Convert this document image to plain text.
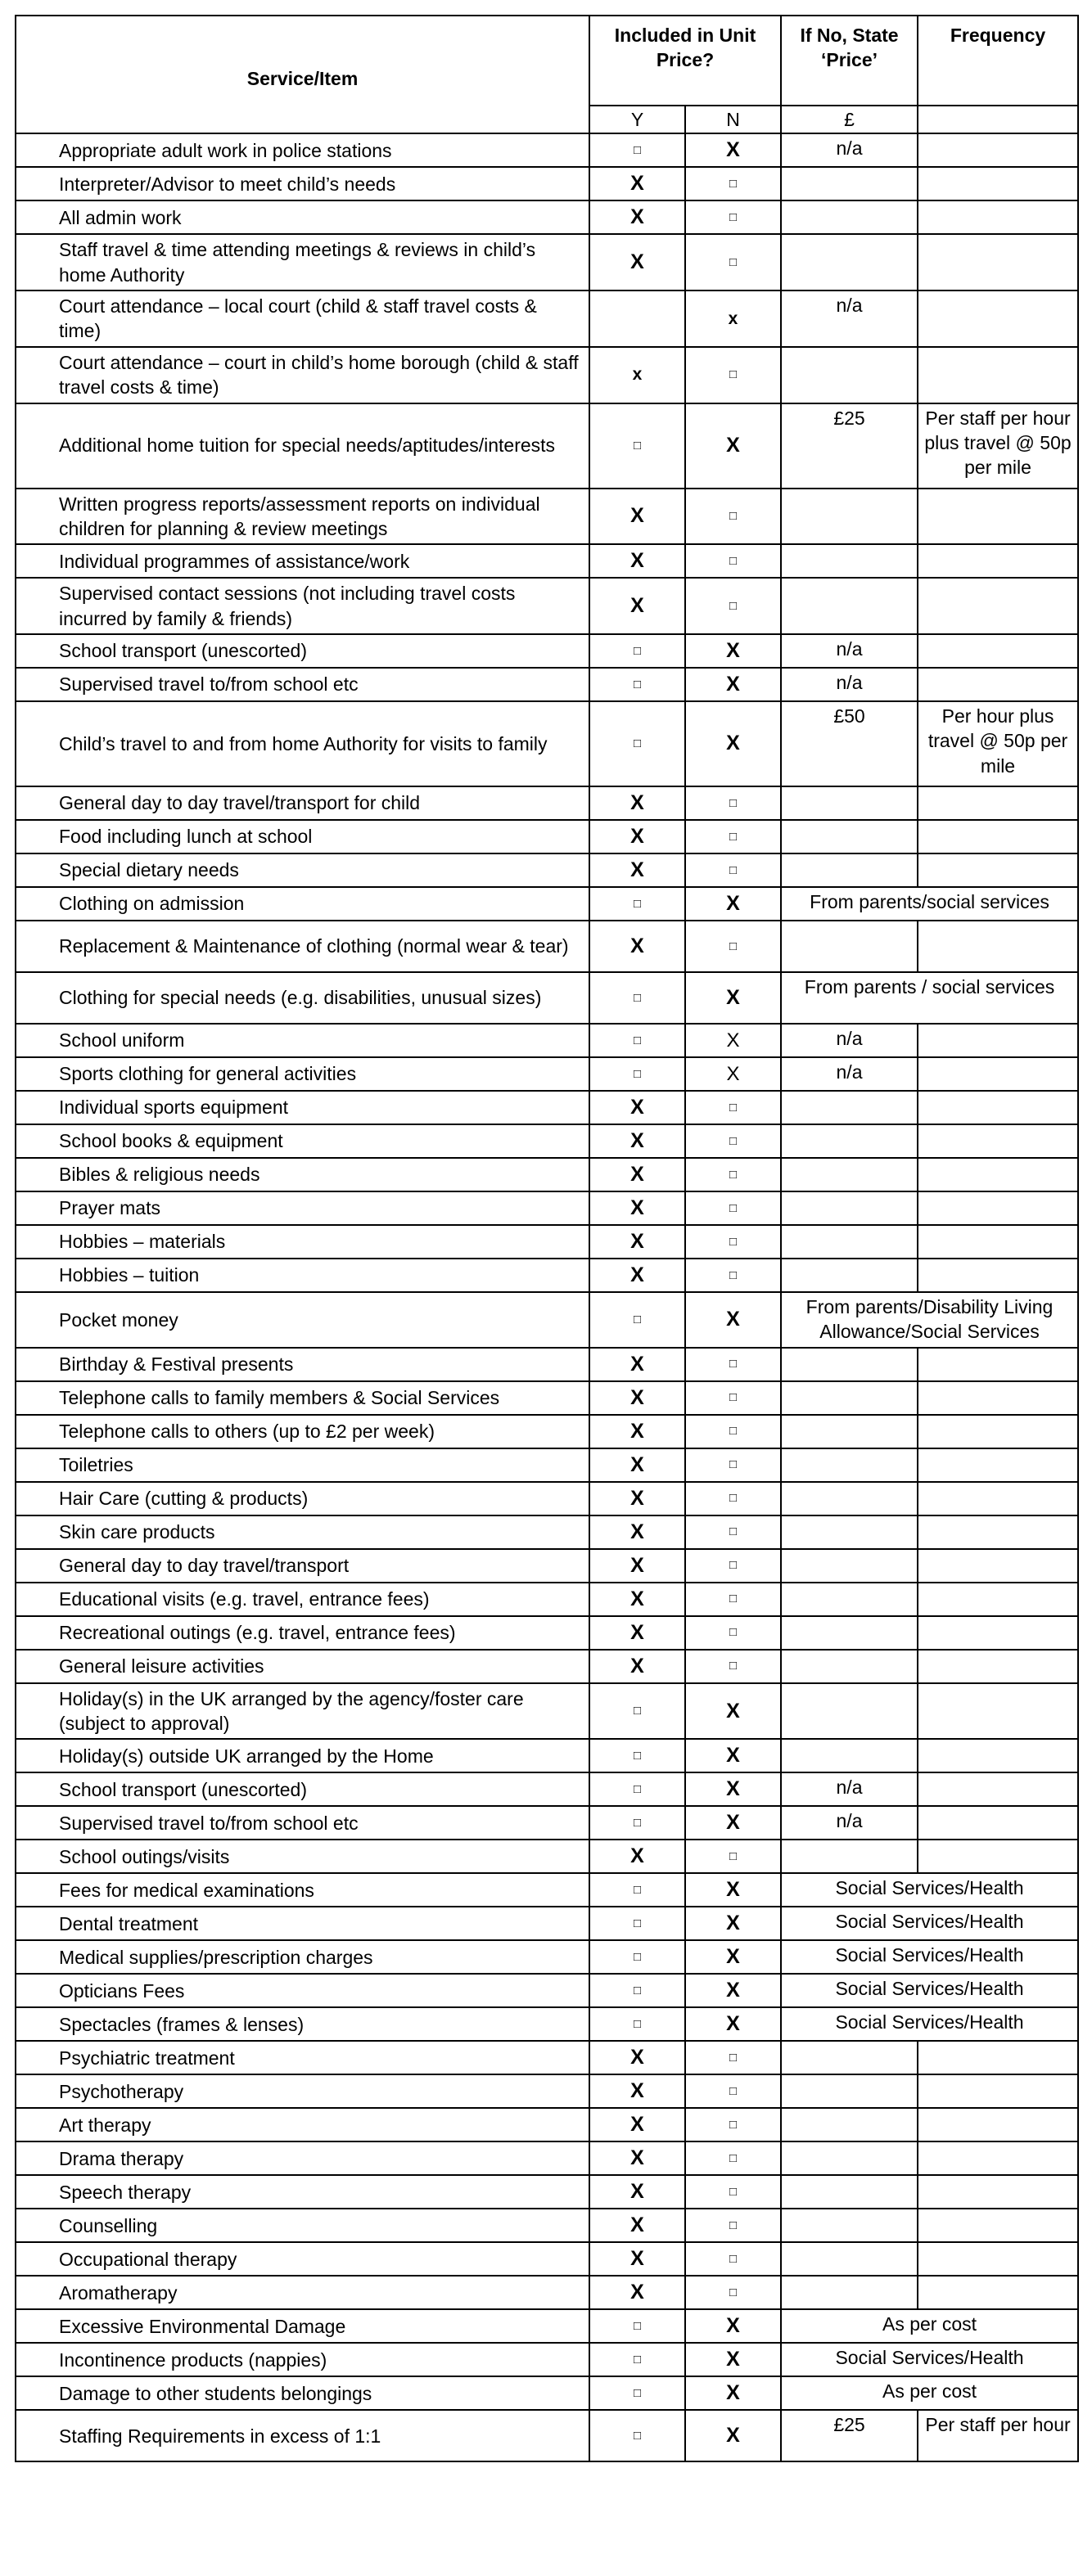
Service/Item	Included in Unit Price?		If No, State ‘Price’	Frequency
	Y	N	£	
Appropriate adult work in police stations	□	X	n/a	
Interpreter/Advisor to meet child’s needs	X	□		
All admin work	X	□		
Staff travel & time attending meetings & reviews in child’s home Authority	X	□		
Court attendance – local court (child & staff travel costs & time)		x	n/a	
Court attendance – court in child’s home borough (child & staff travel costs & time)	x	□		
Additional home tuition for special needs/aptitudes/interests	□	X	£25	Per staff per hour plus travel @ 50p per mile
Written progress reports/assessment reports on individual children for planning & review meetings	X	□		
Individual programmes of assistance/work	X	□		
Supervised contact sessions (not including travel costs incurred by family & friends)	X	□		
School transport (unescorted)	□	X	n/a	
Supervised travel to/from school etc	□	X	n/a	
Child’s travel to and from home Authority for visits to family	□	X	£50	Per hour plus travel @ 50p per mile
General day to day travel/transport for child	X	□		
Food including lunch at school	X	□		
Special dietary needs	X	□		
Clothing on admission	□	X	From parents/social services	
Replacement & Maintenance of clothing (normal wear & tear)	X	□		
Clothing for special needs (e.g. disabilities, unusual sizes)	□	X	From parents / social services	
School uniform	□	X	n/a	
Sports clothing for general activities	□	X	n/a	
Individual sports equipment	X	□		
School books & equipment	X	□		
Bibles & religious needs	X	□		
Prayer mats	X	□		
Hobbies – materials	X	□		
Hobbies – tuition	X	□		
Pocket money	□	X	From parents/Disability Living Allowance/Social Services	
Birthday & Festival presents	X	□		
Telephone calls to family members & Social Services	X	□		
Telephone calls to others (up to £2 per week)	X	□		
Toiletries	X	□		
Hair Care (cutting & products)	X	□		
Skin care products	X	□		
General day to day travel/transport	X	□		
Educational visits (e.g. travel, entrance fees)	X	□		
Recreational outings (e.g. travel, entrance fees)	X	□		
General leisure activities	X	□		
Holiday(s) in the UK arranged by the agency/foster care (subject to approval)	□	X		
Holiday(s) outside UK arranged by the Home	□	X		
School transport (unescorted)	□	X	n/a	
Supervised travel to/from school etc	□	X	n/a	
School outings/visits	X	□		
Fees for medical examinations	□	X	Social Services/Health	
Dental treatment	□	X	Social Services/Health	
Medical supplies/prescription charges	□	X	Social Services/Health	
Opticians Fees	□	X	Social Services/Health	
Spectacles (frames & lenses)	□	X	Social Services/Health	
Psychiatric treatment	X	□		
Psychotherapy	X	□		
Art therapy	X	□		
Drama therapy	X	□		
Speech therapy	X	□		
Counselling	X	□		
Occupational therapy	X	□		
Aromatherapy	X	□		
Excessive Environmental Damage	□	X	As per cost	
Incontinence products (nappies)	□	X	Social Services/Health	
Damage to other students belongings	□	X	As per cost	
Staffing Requirements in excess of 1:1	□	X	£25	Per staff per hour
